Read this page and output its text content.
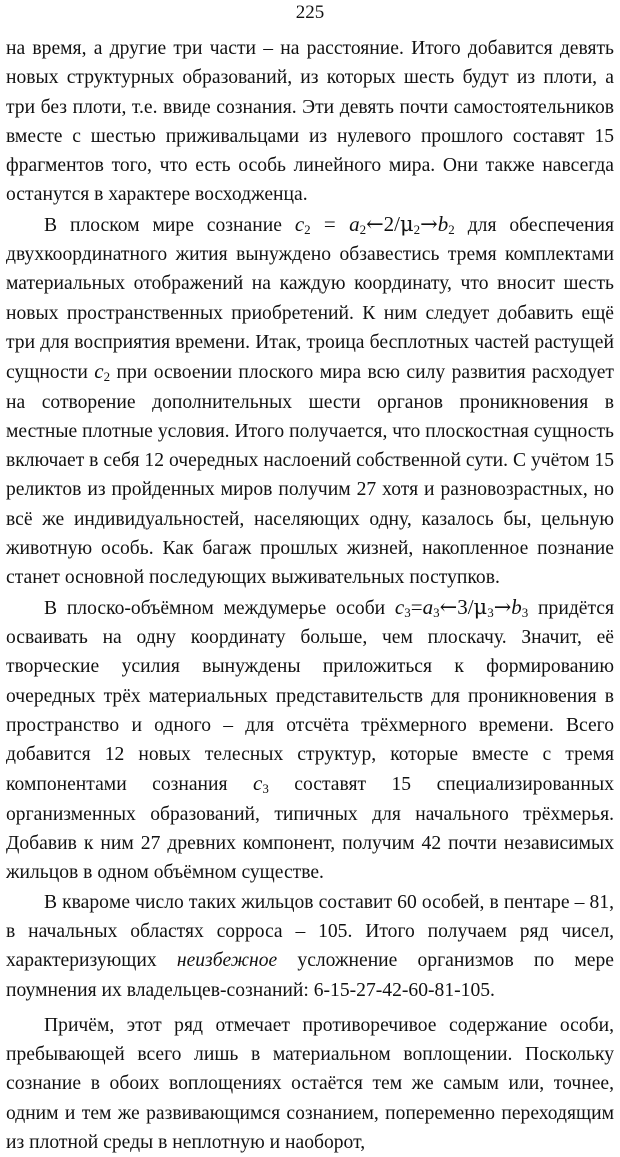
225

на время, а другие три части – на расстояние. Итого добавится девять новых структурных образований, из которых шесть будут из плоти, а три без плоти, т.е. ввиде сознания. Эти девять почти самостоятельников вместе с шестью приживальцами из нулевого прошлого составят 15 фрагментов того, что есть особь линейного мира. Они также навсегда останутся в характере восходженца.

В плоском мире сознание $c_2$ = $a_2\leftarrow 2/\mu_2\to b_2$ для обеспечения двухкоординатного жития вынуждено обзавестись тремя комплектами материальных отображений на каждую координату, что вносит шесть новых пространственных приобретений. К ним следует добавить ещё три для восприятия времени. Итак, троица бесплотных частей растущей сущности $c_2$ при освоении плоского мира всю силу развития расходует на сотворение дополнительных шести органов проникновения в местные плотные условия. Итого получается, что плоскостная сущность включает в себя 12 очередных наслоений собственной сути. С учётом 15 реликтов из пройденных миров получим 27 хотя и разновозрастных, но всё же индивидуальностей, населяющих одну, казалось бы, цельную животную особь. Как багаж прошлых жизней, накопленное познание станет основной последующих выживательных поступков.

В плоско-объёмном междумерье особи $c_3=a_3\leftarrow 3/\mu_3\to b_3$ придётся осваивать на одну координату больше, чем плоскачу. Значит, её творческие усилия вынуждены приложиться к формированию очередных трёх материальных представительств для проникновения в пространство и одного – для отсчёта трёхмерного времени. Всего добавится 12 новых телесных структур, которые вместе с тремя компонентами сознания $c_3$ составят 15 специализированных организменных образований, типичных для начального трёхмерья. Добавив к ним 27 древних компонент, получим 42 почти независимых жильцов в одном объёмном существе.

В кварoме число таких жильцов составит 60 особей, в пентаре – 81, в начальных областях сорроса – 105. Итого получаем ряд чисел, характеризующих неизбежное усложнение организмов по мере поумнения их владельцев-сознаний: 6-15-27-42-60-81-105.

Причём, этот ряд отмечает противоречивое содержание особи, пребывающей всего лишь в материальном воплощении. Поскольку сознание в обоих воплощениях остаётся тем же самым или, точнее, одним и тем же развивающимся сознанием, попеременно переходящим из плотной среды в неплотную и наоборот,
